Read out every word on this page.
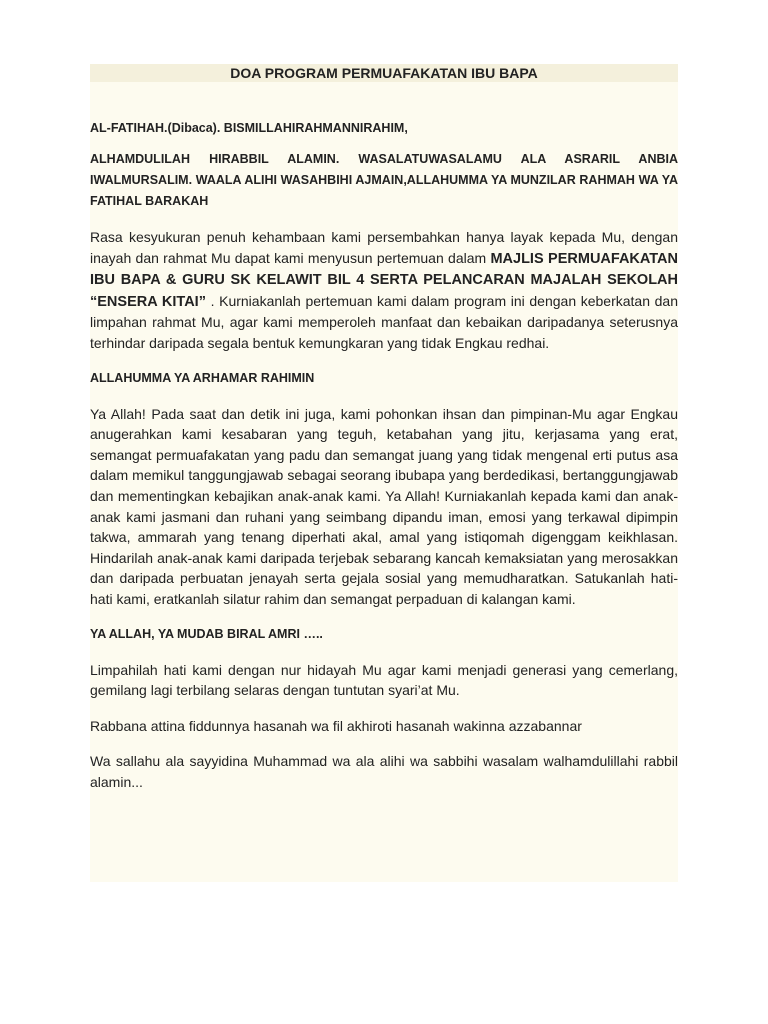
DOA PROGRAM PERMUAFAKATAN IBU BAPA

AL-FATIHAH.(Dibaca). BISMILLAHIRAHMANNIRAHIM,

ALHAMDULILAH HIRABBIL ALAMIN. WASALATUWASALAMU ALA ASRARIL ANBIA IWALMURSALIM. WAALA ALIHI WASAHBIHI AJMAIN,ALLAHUMMA YA MUNZILAR RAHMAH WA YA FATIHAL BARAKAH

Rasa kesyukuran penuh kehambaan kami persembahkan hanya layak kepada Mu, dengan inayah dan rahmat Mu dapat kami menyusun pertemuan dalam MAJLIS PERMUAFAKATAN IBU BAPA & GURU SK KELAWIT BIL 4 SERTA PELANCARAN MAJALAH SEKOLAH “ENSERA KITAI” . Kurniakanlah pertemuan kami dalam program ini dengan keberkatan dan limpahan rahmat Mu, agar kami memperoleh manfaat dan kebaikan daripadanya seterusnya terhindar daripada segala bentuk kemungkaran yang tidak Engkau redhai.

ALLAHUMMA YA ARHAMAR RAHIMIN

Ya Allah! Pada saat dan detik ini juga, kami pohonkan ihsan dan pimpinan-Mu agar Engkau anugerahkan kami kesabaran yang teguh, ketabahan yang jitu, kerjasama yang erat, semangat permuafakatan yang padu dan semangat juang yang tidak mengenal erti putus asa dalam memikul tanggungjawab sebagai seorang ibubapa yang berdedikasi, bertanggungjawab dan mementingkan kebajikan anak-anak kami. Ya Allah! Kurniakanlah kepada kami dan anak-anak kami jasmani dan ruhani yang seimbang dipandu iman, emosi yang terkawal dipimpin takwa, ammarah yang tenang diperhati akal, amal yang istiqomah digenggam keikhlasan. Hindarilah anak-anak kami daripada terjebak sebarang kancah kemaksiatan yang merosakkan dan daripada perbuatan jenayah serta gejala sosial yang memudharatkan. Satukanlah hati-hati kami, eratkanlah silatur rahim dan semangat perpaduan di kalangan kami.

YA ALLAH, YA MUDAB BIRAL AMRI …..

Limpahilah hati kami dengan nur hidayah Mu agar kami menjadi generasi yang cemerlang, gemilang lagi terbilang selaras dengan tuntutan syari’at Mu.

Rabbana attina fiddunnya hasanah wa fil akhiroti hasanah wakinna azzabannar

Wa sallahu ala sayyidina Muhammad wa ala alihi wa sabbihi wasalam walhamdulillahi rabbil alamin...
